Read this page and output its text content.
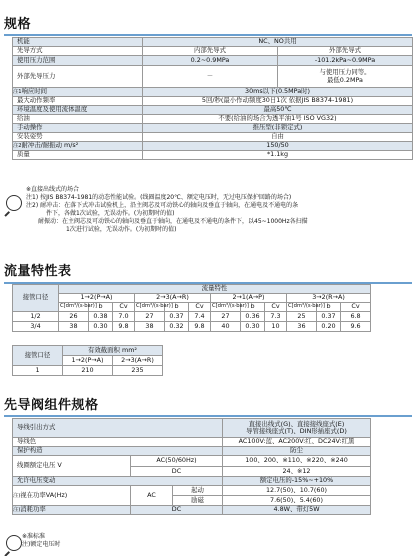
规格
机能	NC、NO共用	
先导方式	内部先导式	外部先导式
使用压力范围	0.2~0.9MPa	-101.2kPa~0.9MPa
外部先导压力	－	与使用压力同等。
最低0.2MPa

注1响应时间	30ms以下(0.5MPa时)	
最大动作频率	5回/秒(最小作动频度30日1次 依据JIS B8374-1981)	
环境温度及使用流体温度	最高50℃	
给油	不要(给油的场合为透平油1号 ISO VG32)	
手动操作	推压型(非锁定式)	
安装姿势	自由	
注2耐冲击/耐振动 m/s²	150/50	
质量	*1.1kg	
※直接出线式的场合
注1) 按JIS B8374-1981的动态性能试验。(线圈温度20℃、额定电压时，无过电压保护回路的场合)
注2) 耐冲击：在落下式冲击试验机上，沿主阀芯及可动铁心的轴向及垂直于轴向，在通电及不通电的条
件下，各做1次试验，无误动作。(为初期时的值)
耐振动：在主阀芯及可动铁心的轴向及垂直于轴向，在通电及不通电的条件下，以45~1000Hz各扫描
1次进行试验，无误动作。(为初期时的值)
流量特性表
接管口径	流量特性											
	1→2(P→A)			2→3(A→R)			2→1(A→P)			3→2(R→A)		
	C[dm³/(s·bar)]	b	Cv	C[dm³/(s·bar)]	b	Cv	C[dm³/(s·bar)]	b	Cv	C[dm³/(s·bar)]	b	Cv
1/2	26	0.38	7.0	27	0.37	7.4	27	0.36	7.3	25	0.37	6.8
3/4	38	0.30	9.8	38	0.32	9.8	40	0.30	10	36	0.20	9.6
接管口径	有效截面积 mm²	
	1→2(P→A)	2→3(A→R)
1	210	235
先导阀组件规格
导线引出方式			直接出线式(G)、直接接线座式(E)
导管接线座式(T)、DIN形插座式(D)

导线色			AC100V:蓝、AC200V:红、DC24V:红黑
保护构造			防尘
线圈额定电压 V	AC(50/60Hz)		100、200、※110、※220、※240
	DC		24、※12
允许电压变动			额定电压的-15%~+10%
注)视在功率VA(Hz)	AC	起动	12.7(50)、10.7(60)
		励磁	7.6(50)、5.4(60)
注)消耗功率	DC		4.8W、带灯5W
※准标准
注)额定电压时
